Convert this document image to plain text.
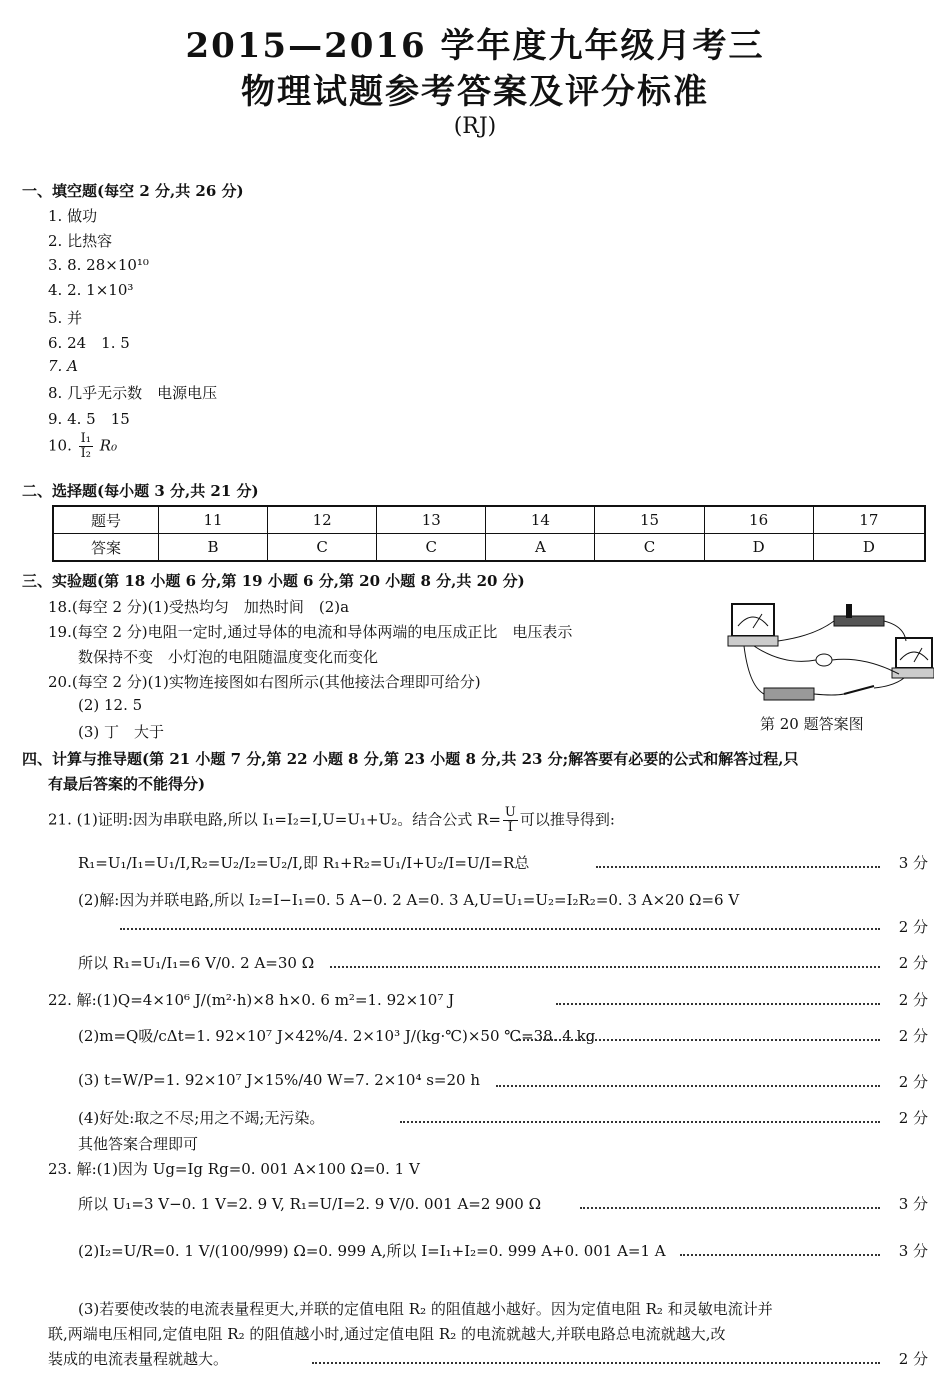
2015—2016 学年度九年级月考三
物理试题参考答案及评分标准
(RJ)
一、填空题(每空 2 分,共 26 分)
1. 做功
2. 比热容
3. 8. 28×10¹⁰
4. 2. 1×10³
5. 并
6. 24　1. 5
7. A
8. 几乎无示数　电源电压
9. 4. 5　15
10. $\frac{\text{I₁}}{\text{I₂}} R_0$
二、选择题(每小题 3 分,共 21 分)
题号	11	12	13	14	15	16	17
答案	B	C	C	A	C	D	D
三、实验题(第 18 小题 6 分,第 19 小题 6 分,第 20 小题 8 分,共 20 分)
18.(每空 2 分)(1)受热均匀　加热时间　(2)a
19.(每空 2 分)电阻一定时,通过导体的电流和导体两端的电压成正比　电压表示
数保持不变　小灯泡的电阻随温度变化而变化
20.(每空 2 分)(1)实物连接图如右图所示(其他接法合理即可给分)
(2) 12. 5
(3) 丁　大于	第 20 题答案图
四、计算与推导题(第 21 小题 7 分,第 22 小题 8 分,第 23 小题 8 分,共 23 分;解答要有必要的公式和解答过程,只
有最后答案的不能得分)
21. (1)证明:因为串联电路,所以 I₁=I₂=I,U=U₁+U₂。结合公式 $R= \frac{U}{I}$ 可以推导得到:
R₁=U₁/I₁=U₁/I,R₂=U₂/I₂=U₂/I,即 R₁+R₂=U₁/I+U₂/I=U/I=R总	3 分
(2)解:因为并联电路,所以 I₂=I−I₁=0. 5 A−0. 2 A=0. 3 A,U=U₁=U₂=I₂R₂=0. 3 A×20 Ω=6 V
2 分
所以 R₁=U₁/I₁=6 V/0. 2 A=30 Ω	2 分
22. 解:(1)Q=4×10⁶ J/(m²·h)×8 h×0. 6 m²=1. 92×10⁷ J	2 分
(2)m=Q吸/cΔt=1. 92×10⁷ J×42%/4. 2×10³ J/(kg·℃)×50 ℃=38. 4 kg	2 分
(3) t=W/P=1. 92×10⁷ J×15%/40 W=7. 2×10⁴ s=20 h	2 分
(4)好处:取之不尽;用之不竭;无污染。	2 分
其他答案合理即可
23. 解:(1)因为 Ug=Ig Rg=0. 001 A×100 Ω=0. 1 V
所以 U₁=3 V−0. 1 V=2. 9 V, R₁=U/I=2. 9 V/0. 001 A=2 900 Ω	3 分
(2)I₂=U/R=0. 1 V/(100/999) Ω=0. 999 A,所以 I=I₁+I₂=0. 999 A+0. 001 A=1 A	3 分
(3)若要使改装的电流表量程更大,并联的定值电阻 R₂ 的阻值越小越好。因为定值电阻 R₂ 和灵敏电流计并
联,两端电压相同,定值电阻 R₂ 的阻值越小时,通过定值电阻 R₂ 的电流就越大,并联电路总电流就越大,改
装成的电流表量程就越大。	2 分
